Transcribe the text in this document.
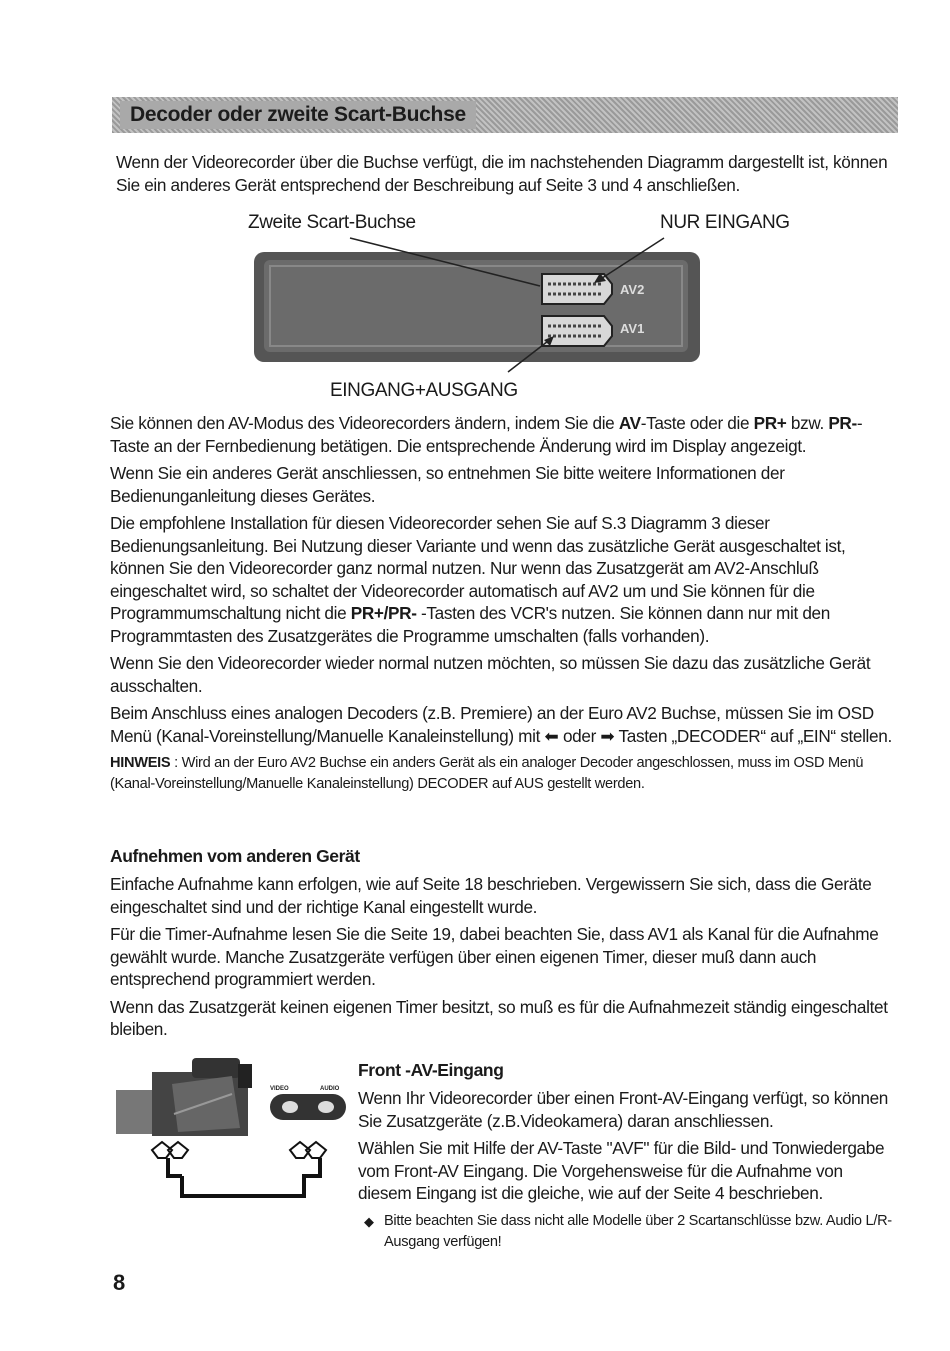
Decoder oder zweite Scart-Buchse

Wenn der Videorecorder über die Buchse verfügt, die im nachstehenden Diagramm dargestellt ist, können Sie ein anderes Gerät entsprechend der Beschreibung auf Seite 3 und 4 anschließen.

Zweite Scart-Buchse	NUR EINGANG
AV2
AV1
EINGANG+AUSGANG

Sie können den AV-Modus des Videorecorders ändern, indem Sie die AV-Taste oder die PR+ bzw. PR--Taste an der Fernbedienung betätigen. Die entsprechende Änderung wird im Display angezeigt.

Wenn Sie ein anderes Gerät anschliessen, so entnehmen Sie bitte weitere Informationen der Bedienunganleitung dieses Gerätes.

Die empfohlene Installation für diesen Videorecorder sehen Sie auf S.3 Diagramm 3 dieser Bedienungsanleitung. Bei Nutzung dieser Variante und wenn das zusätzliche Gerät ausgeschaltet ist, können Sie den Videorecorder ganz normal nutzen. Nur wenn das Zusatzgerät am AV2-Anschluß eingeschaltet wird, so schaltet der Videorecorder automatisch auf AV2 um und Sie können für die Programmumschaltung nicht die PR+/PR- -Tasten des VCR's nutzen. Sie können dann nur mit den Programmtasten des Zusatzgerätes die Programme umschalten (falls vorhanden).

Wenn Sie den Videorecorder wieder normal nutzen möchten, so müssen Sie dazu das zusätzliche Gerät ausschalten.

Beim Anschluss eines analogen Decoders (z.B. Premiere) an der Euro AV2 Buchse, müssen Sie im OSD Menü (Kanal-Voreinstellung/Manuelle Kanaleinstellung) mit ⬅ oder ➡ Tasten „DECODER“ auf „EIN“ stellen.

HINWEIS : Wird an der Euro AV2 Buchse ein anders Gerät als ein analoger Decoder angeschlossen, muss im OSD Menü (Kanal-Voreinstellung/Manuelle Kanaleinstellung) DECODER auf AUS gestellt werden.

Aufnehmen vom anderen Gerät

Einfache Aufnahme kann erfolgen, wie auf Seite 18 beschrieben. Vergewissern Sie sich, dass die Geräte eingeschaltet sind und der richtige Kanal eingestellt wurde.

Für die Timer-Aufnahme lesen Sie die Seite 19, dabei beachten Sie, dass AV1 als Kanal für die Aufnahme gewählt wurde. Manche Zusatzgeräte verfügen über einen eigenen Timer, dieser muß dann auch entsprechend programmiert werden.

Wenn das Zusatzgerät keinen eigenen Timer besitzt, so muß es für die Aufnahmezeit ständig eingeschaltet bleiben.

VIDEO	AUDIO

Front -AV-Eingang

Wenn Ihr Videorecorder über einen Front-AV-Eingang verfügt, so können Sie Zusatzgeräte (z.B.Videokamera) daran anschliessen.

Wählen Sie mit Hilfe der AV-Taste "AVF" für die Bild- und Tonwiedergabe vom Front-AV Eingang. Die Vorgehensweise für die Aufnahme von diesem Eingang ist die gleiche, wie auf der Seite 4 beschrieben.

◆ Bitte beachten Sie dass nicht alle Modelle über 2 Scartanschlüsse bzw. Audio L/R-Ausgang verfügen!

8
